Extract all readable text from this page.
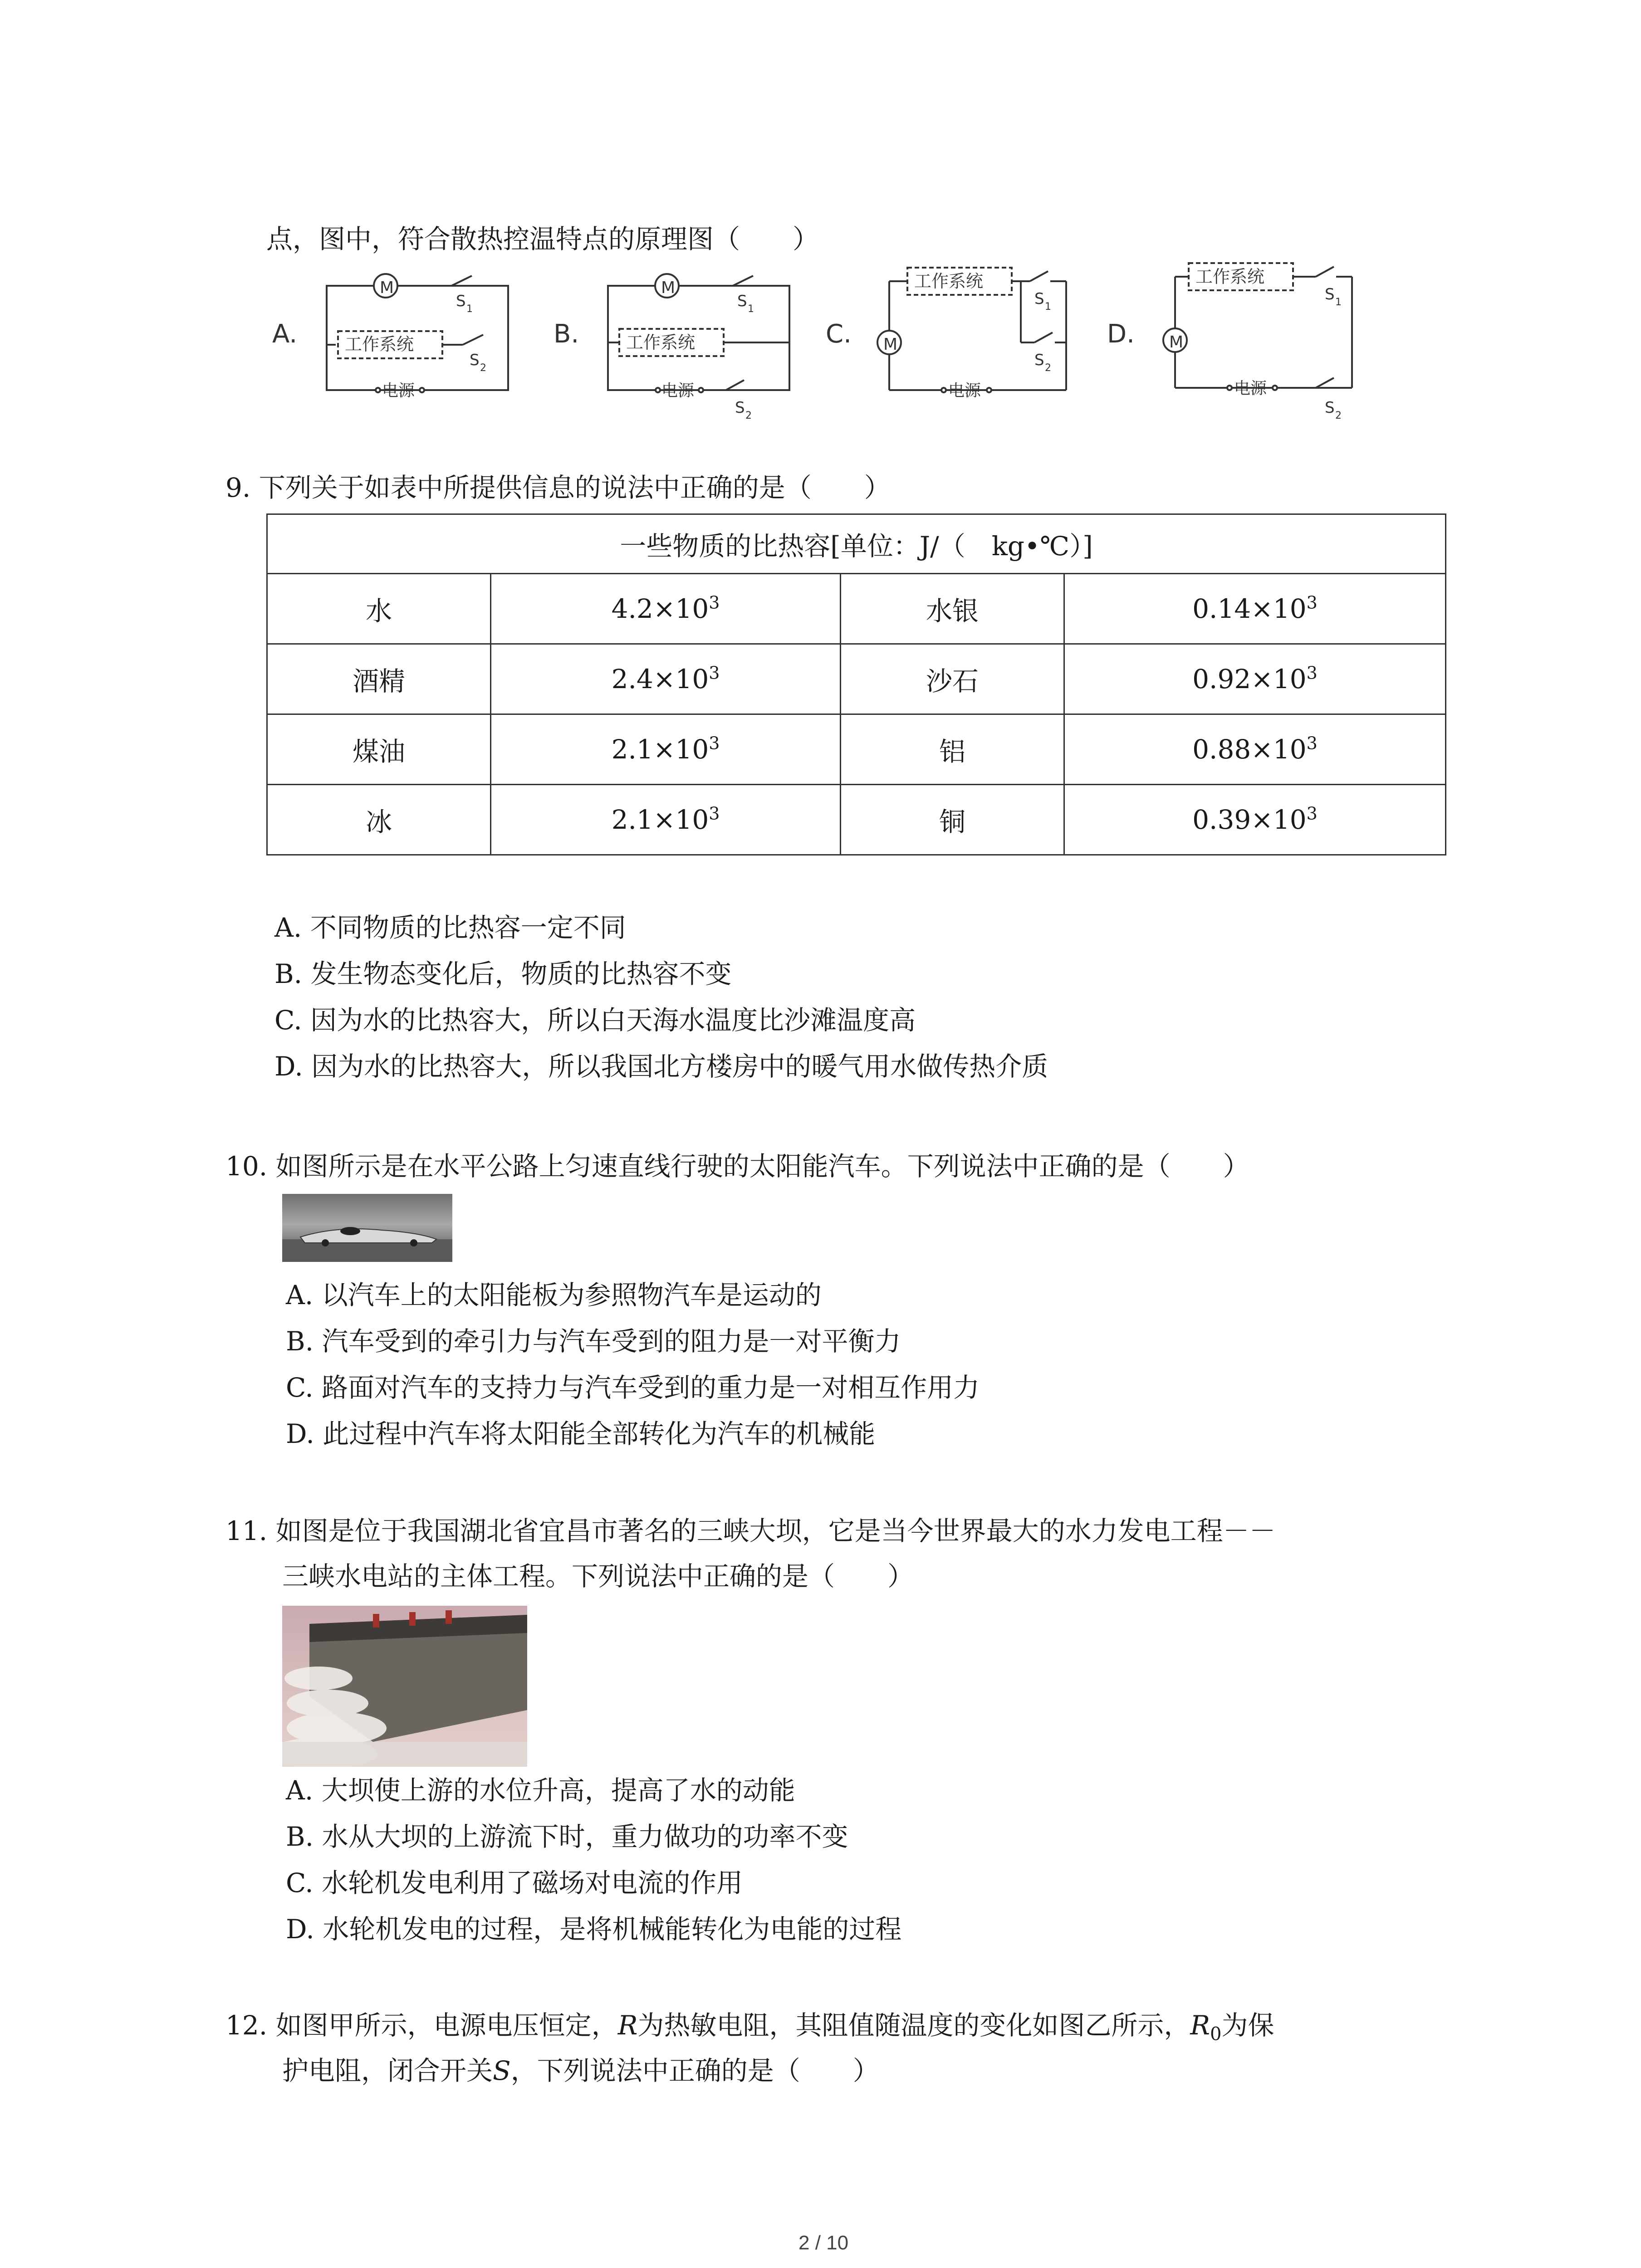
点，图中，符合散热控温特点的原理图（　　）
A.
M
S 1
工作系统
S 2
电源
B.
M
S 1
工作系统
电源
S 2
C. M
工作系统
S 1
S 2
电源
D. M
工作系统
S 1
电源
S 2
9. 下列关于如表中所提供信息的说法中正确的是（　　）
一些物质的比热容[单位：J/（　kg•℃）]			
水	$4.2\times 10^3$	水银	$0.14\times 10^3$
酒精	$2.4\times 10^3$	沙石	$0.92\times 10^3$
煤油	$2.1\times 10^3$	铝	$0.88\times 10^3$
冰	$2.1\times 10^3$	铜	$0.39\times 10^3$
A. 不同物质的比热容一定不同
B. 发生物态变化后，物质的比热容不变
C. 因为水的比热容大，所以白天海水温度比沙滩温度高
D. 因为水的比热容大，所以我国北方楼房中的暖气用水做传热介质
10. 如图所示是在水平公路上匀速直线行驶的太阳能汽车。下列说法中正确的是（　　）
A. 以汽车上的太阳能板为参照物汽车是运动的
B. 汽车受到的牵引力与汽车受到的阻力是一对平衡力
C. 路面对汽车的支持力与汽车受到的重力是一对相互作用力
D. 此过程中汽车将太阳能全部转化为汽车的机械能
11. 如图是位于我国湖北省宜昌市著名的三峡大坝，它是当今世界最大的水力发电工程－－
三峡水电站的主体工程。下列说法中正确的是（　　）
A. 大坝使上游的水位升高，提高了水的动能
B. 水从大坝的上游流下时，重力做功的功率不变
C. 水轮机发电利用了磁场对电流的作用
D. 水轮机发电的过程，是将机械能转化为电能的过程
12. 如图甲所示，电源电压恒定，R为热敏电阻，其阻值随温度的变化如图乙所示，$R_0$为保
护电阻，闭合开关S，下列说法中正确的是（　　）
2 / 10
